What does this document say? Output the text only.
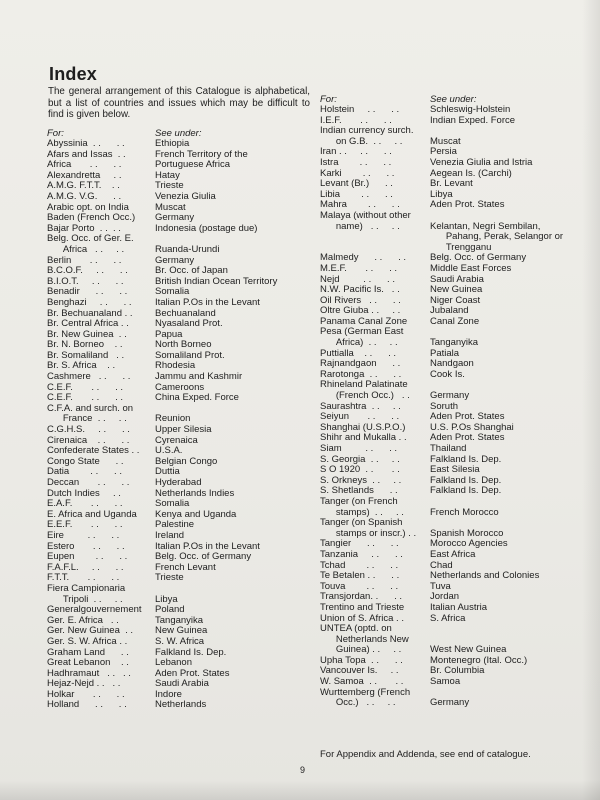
Index

The general arrangement of this Catalogue is alphabetical, but a list of countries and issues which may be difficult to find is given below.

For:	See under:
Abyssinia  . .      . .	Ethiopia
Afars and Issas  . .	French Territory of the
Africa       . .      . .	Portuguese Africa
Alexandretta     . .	Hatay
A.M.G. F.T.T.    . .	Trieste
A.M.G. V.G.      . .	Venezia Giulia
Arabic opt. on India	Muscat
Baden (French Occ.)	Germany
Bajar Porto  . .  . .	Indonesia (postage due)
Belg. Occ. of Ger. E.
Africa   . .     . .	Ruanda-Urundi
Berlin       . .      . .	Germany
B.C.O.F.     . .      . .	Br. Occ. of Japan
B.I.O.T.     . .      . .	British Indian Ocean Territory
Benadir      . .      . .	Somalia
Benghazi     . .      . .	Italian P.Os in the Levant
Br. Bechuanaland . .	Bechuanaland
Br. Central Africa . .	Nyasaland Prot.
Br. New Guinea  . .	Papua
Br. N. Borneo    . .	North Borneo
Br. Somaliland   . .	Somaliland Prot.
Br. S. Africa    . .	Rhodesia
Cashmere   . .      . .	Jammu and Kashmir
C.E.F.       . .      . .	Cameroons
C.E.F.       . .      . .	China Exped. Force
C.F.A. and surch. on
France  . .     . .	Reunion
C.G.H.S.     . .      . .	Upper Silesia
Cirenaica    . .      . .	Cyrenaica
Confederate States . .	U.S.A.
Congo State      . .	Belgian Congo
Datia        . .      . .	Duttia
Deccan       . .      . .	Hyderabad
Dutch Indies     . .	Netherlands Indies
E.A.F.       . .      . .	Somalia
E. Africa and Uganda	Kenya and Uganda
E.E.F.       . .      . .	Palestine
Eire         . .      . .	Ireland
Estero       . .      . .	Italian P.Os in the Levant
Eupen        . .      . .	Belg. Occ. of Germany
F.A.F.L.     . .      . .	French Levant
F.T.T.       . .      . .	Trieste
Fiera Campionaria
Tripoli  . .     . .	Libya
Generalgouvernement	Poland
Ger. E. Africa   . .	Tanganyika
Ger. New Guinea  . .	New Guinea
Ger. S. W. Africa . .	S. W. Africa
Graham Land      . .	Falkland Is. Dep.
Great Lebanon    . .	Lebanon
Hadhramaut   . .   . .	Aden Prot. States
Hejaz-Nejd . .   . .	Saudi Arabia
Holkar       . .      . .	Indore
Holland      . .      . .	Netherlands
For:	See under:
Holstein     . .      . .	Schleswig-Holstein
I.E.F.       . .      . .	Indian Exped. Force
Indian currency surch.
on G.B.  . .     . .	Muscat
Iran . .     . .      . .	Persia
Istra        . .      . .	Venezia Giulia and Istria
Karki        . .      . .	Aegean Is. (Carchi)
Levant (Br.)      . .	Br. Levant
Libia        . .      . .	Libya
Mahra        . .      . .	Aden Prot. States
Malaya (without other
name)   . .     . .	Kelantan, Negri Sembilan,
Pahang, Perak, Selangor or
Trengganu
Malmedy      . .      . .	Belg. Occ. of Germany
M.E.F.       . .      . .	Middle East Forces
Nejd         . .      . .	Saudi Arabia
N.W. Pacific Is.   . .	New Guinea
Oil Rivers   . .      . .	Niger Coast
Oltre Giuba . .     . .	Jubaland
Panama Canal Zone	Canal Zone
Pesa (German East
Africa)  . .     . .	Tanganyika
Puttialla    . .      . .	Patiala
Rajnandgaon      . .	Nandgaon
Rarotonga  . .      . .	Cook Is.
Rhineland Palatinate
(French Occ.)   . .	Germany
Saurashtra  . .     . .	Soruth
Seiyun       . .      . .	Aden Prot. States
Shanghai (U.S.P.O.)	U.S. P.Os Shanghai
Shihr and Mukalla . .	Aden Prot. States
Siam         . .      . .	Thailand
S. Georgia  . .     . .	Falkland Is. Dep.
S O 1920  . .       . .	East Silesia
S. Orkneys  . .     . .	Falkland Is. Dep.
S. Shetlands      . .	Falkland Is. Dep.
Tanger (on French
stamps)  . .     . .	French Morocco
Tanger (on Spanish
stamps or inscr.) . .	Spanish Morocco
Tangier      . .      . .	Morocco Agencies
Tanzania     . .      . .	East Africa
Tchad        . .      . .	Chad
Te Betalen . .      . .	Netherlands and Colonies
Touva        . .      . .	Tuva
Transjordan. .      . .	Jordan
Trentino and Trieste	Italian Austria
Union of S. Africa . .	S. Africa
UNTEA (optd. on
Netherlands New
Guinea) . .     . .	West New Guinea
Upha Topa  . .      . .	Montenegro (Ital. Occ.)
Vancouver Is.     . .	Br. Columbia
W. Samoa  . .       . .	Samoa
Wurttemberg (French
Occ.)   . .     . .	Germany

For Appendix and Addenda, see end of catalogue.

9
